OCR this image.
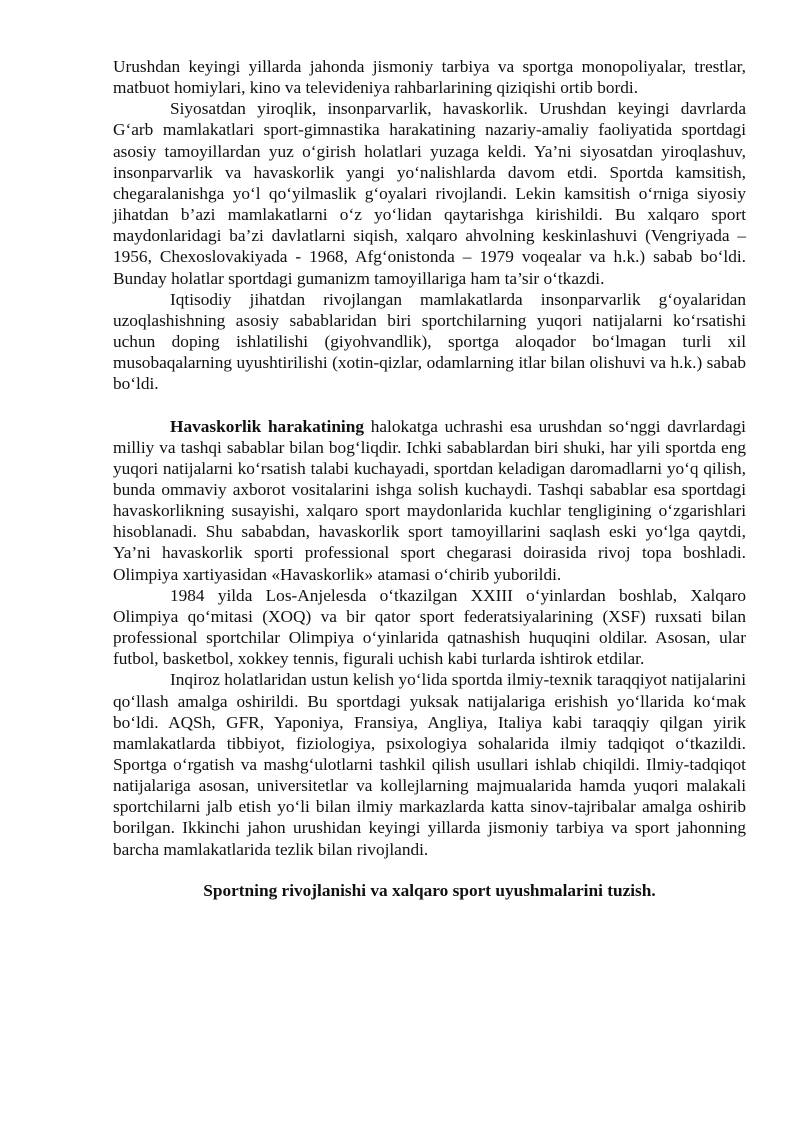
Urushdan keyingi yillarda jahonda jismoniy tarbiya va sportga monopoliyalar, trestlar, matbuot homiylari, kino va televideniya rahbarlarining qiziqishi ortib bordi.

Siyosatdan yiroqlik, insonparvarlik, havaskorlik. Urushdan keyingi davrlarda G‘arb mamlakatlari sport-gimnastika harakatining nazariy-amaliy faoliyatida sportdagi asosiy tamoyillardan yuz o‘girish holatlari yuzaga keldi. Ya’ni siyosatdan yiroqlashuv, insonparvarlik va havaskorlik yangi yo‘nalishlarda davom etdi. Sportda kamsitish, chegaralanishga yo‘l qo‘yilmaslik g‘oyalari rivojlandi. Lekin kamsitish o‘rniga siyosiy jihatdan b’azi mamlakatlarni o‘z yo‘lidan qaytarishga kirishildi. Bu xalqaro sport maydonlaridagi ba’zi davlatlarni siqish, xalqaro ahvolning keskinlashuvi (Vengriyada – 1956, Chexoslovakiyada - 1968, Afg‘onistonda – 1979 voqealar va h.k.) sabab bo‘ldi. Bunday holatlar sportdagi gumanizm tamoyillariga ham ta’sir o‘tkazdi.

Iqtisodiy jihatdan rivojlangan mamlakatlarda insonparvarlik g‘oyalaridan uzoqlashishning asosiy sabablaridan biri sportchilarning yuqori natijalarni ko‘rsatishi uchun doping ishlatilishi (giyohvandlik), sportga aloqador bo‘lmagan turli xil musobaqalarning uyushtirilishi (xotin-qizlar, odamlarning itlar bilan olishuvi va h.k.) sabab bo‘ldi.

Havaskorlik harakatining halokatga uchrashi esa urushdan so‘nggi davrlardagi milliy va tashqi sabablar bilan bog‘liqdir. Ichki sabablardan biri shuki, har yili sportda eng yuqori natijalarni ko‘rsatish talabi kuchayadi, sportdan keladigan daromadlarni yo‘q qilish, bunda ommaviy axborot vositalarini ishga solish kuchaydi. Tashqi sabablar esa sportdagi havaskorlikning susayishi, xalqaro sport maydonlarida kuchlar tengligining o‘zgarishlari hisoblanadi. Shu sababdan, havaskorlik sport tamoyillarini saqlash eski yo‘lga qaytdi, Ya’ni havaskorlik sporti professional sport chegarasi doirasida rivoj topa boshladi. Olimpiya xartiyasidan «Havaskorlik» atamasi o‘chirib yuborildi.

1984 yilda Los-Anjelesda o‘tkazilgan XXIII o‘yinlardan boshlab, Xalqaro Olimpiya qo‘mitasi (XOQ) va bir qator sport federatsiyalarining (XSF) ruxsati bilan professional sportchilar Olimpiya o‘yinlarida qatnashish huquqini oldilar. Asosan, ular futbol, basketbol, xokkey tennis, figurali uchish kabi turlarda ishtirok etdilar.

Inqiroz holatlaridan ustun kelish yo‘lida sportda ilmiy-texnik taraqqiyot natijalarini qo‘llash amalga oshirildi. Bu sportdagi yuksak natijalariga erishish yo‘llarida ko‘mak bo‘ldi. AQSh, GFR, Yaponiya, Fransiya, Angliya, Italiya kabi taraqqiy qilgan yirik mamlakatlarda tibbiyot, fiziologiya, psixologiya sohalarida ilmiy tadqiqot o‘tkazildi. Sportga o‘rgatish va mashg‘ulotlarni tashkil qilish usullari ishlab chiqildi. Ilmiy-tadqiqot natijalariga asosan, universitetlar va kollejlarning majmualarida hamda yuqori malakali sportchilarni jalb etish yo‘li bilan ilmiy markazlarda katta sinov-tajribalar amalga oshirib borilgan. Ikkinchi jahon urushidan keyingi yillarda jismoniy tarbiya va sport jahonning barcha mamlakatlarida tezlik bilan rivojlandi.

Sportning rivojlanishi va xalqaro sport uyushmalarini tuzish.
